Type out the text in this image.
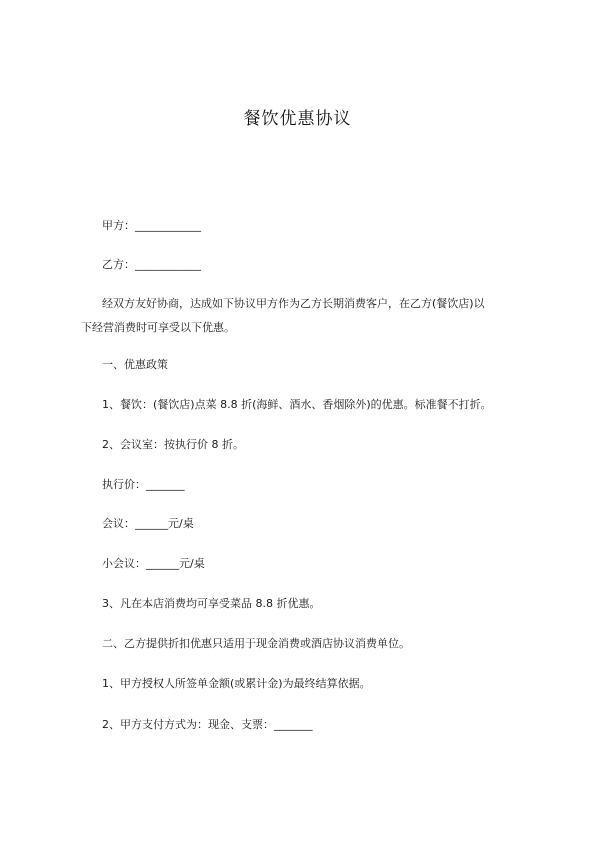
餐饮优惠协议
甲方：____________
乙方：____________
经双方友好协商，达成如下协议甲方作为乙方长期消费客户，在乙方(餐饮店)以
下经营消费时可享受以下优惠。
一、优惠政策
1、餐饮：(餐饮店)点菜 8.8 折(海鲜、酒水、香烟除外)的优惠。标准餐不打折。
2、会议室：按执行价 8 折。
执行价：_______
会议：______元/桌
小会议：______元/桌
3、凡在本店消费均可享受菜品 8.8 折优惠。
二、乙方提供折扣优惠只适用于现金消费或酒店协议消费单位。
1、甲方授权人所签单金额(或累计金)为最终结算依据。
2、甲方支付方式为：现金、支票：_______
